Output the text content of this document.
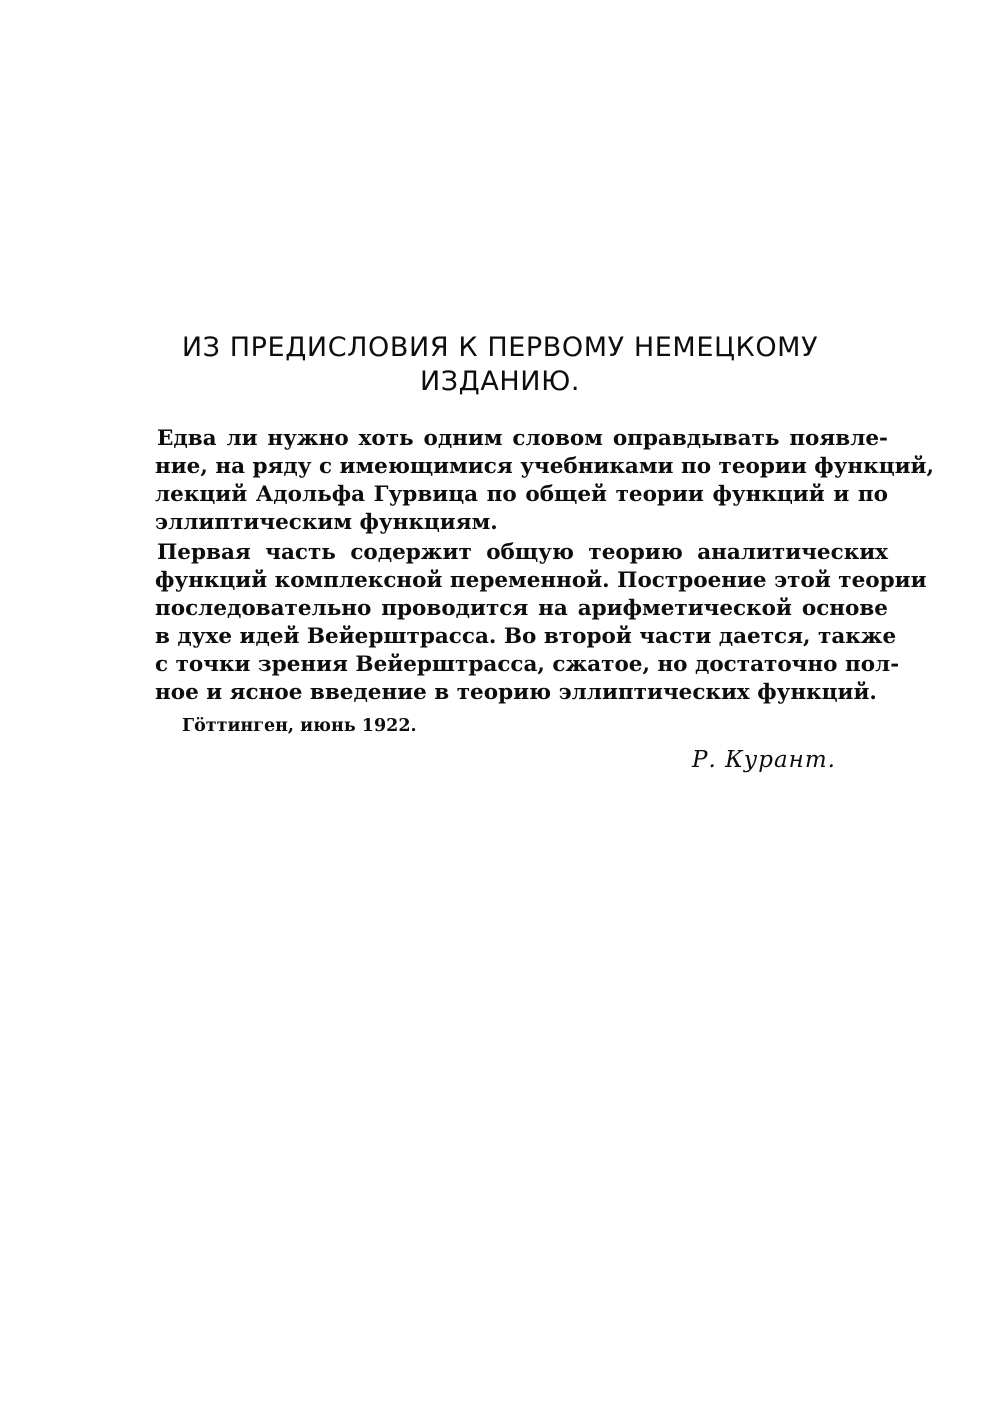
ИЗ ПРЕДИСЛОВИЯ К ПЕРВОМУ НЕМЕЦКОМУ
ИЗДАНИЮ.
Едва ли нужно хоть одним словом оправдывать появле-
ние, на ряду с имеющимися учебниками по теории функций,
лекций Адольфа Гурвица по общей теории функций и по
эллиптическим функциям.
Первая часть содержит общую теорию аналитических
функций комплексной переменной. Построение этой теории
последовательно проводится на арифметической основе
в духе идей Вейерштрасса. Во второй части дается, также
с точки зрения Вейерштрасса, сжатое, но достаточно пол-
ное и ясное введение в теорию эллиптических функций.
Гöттинген, июнь 1922.
Р. Курант.
